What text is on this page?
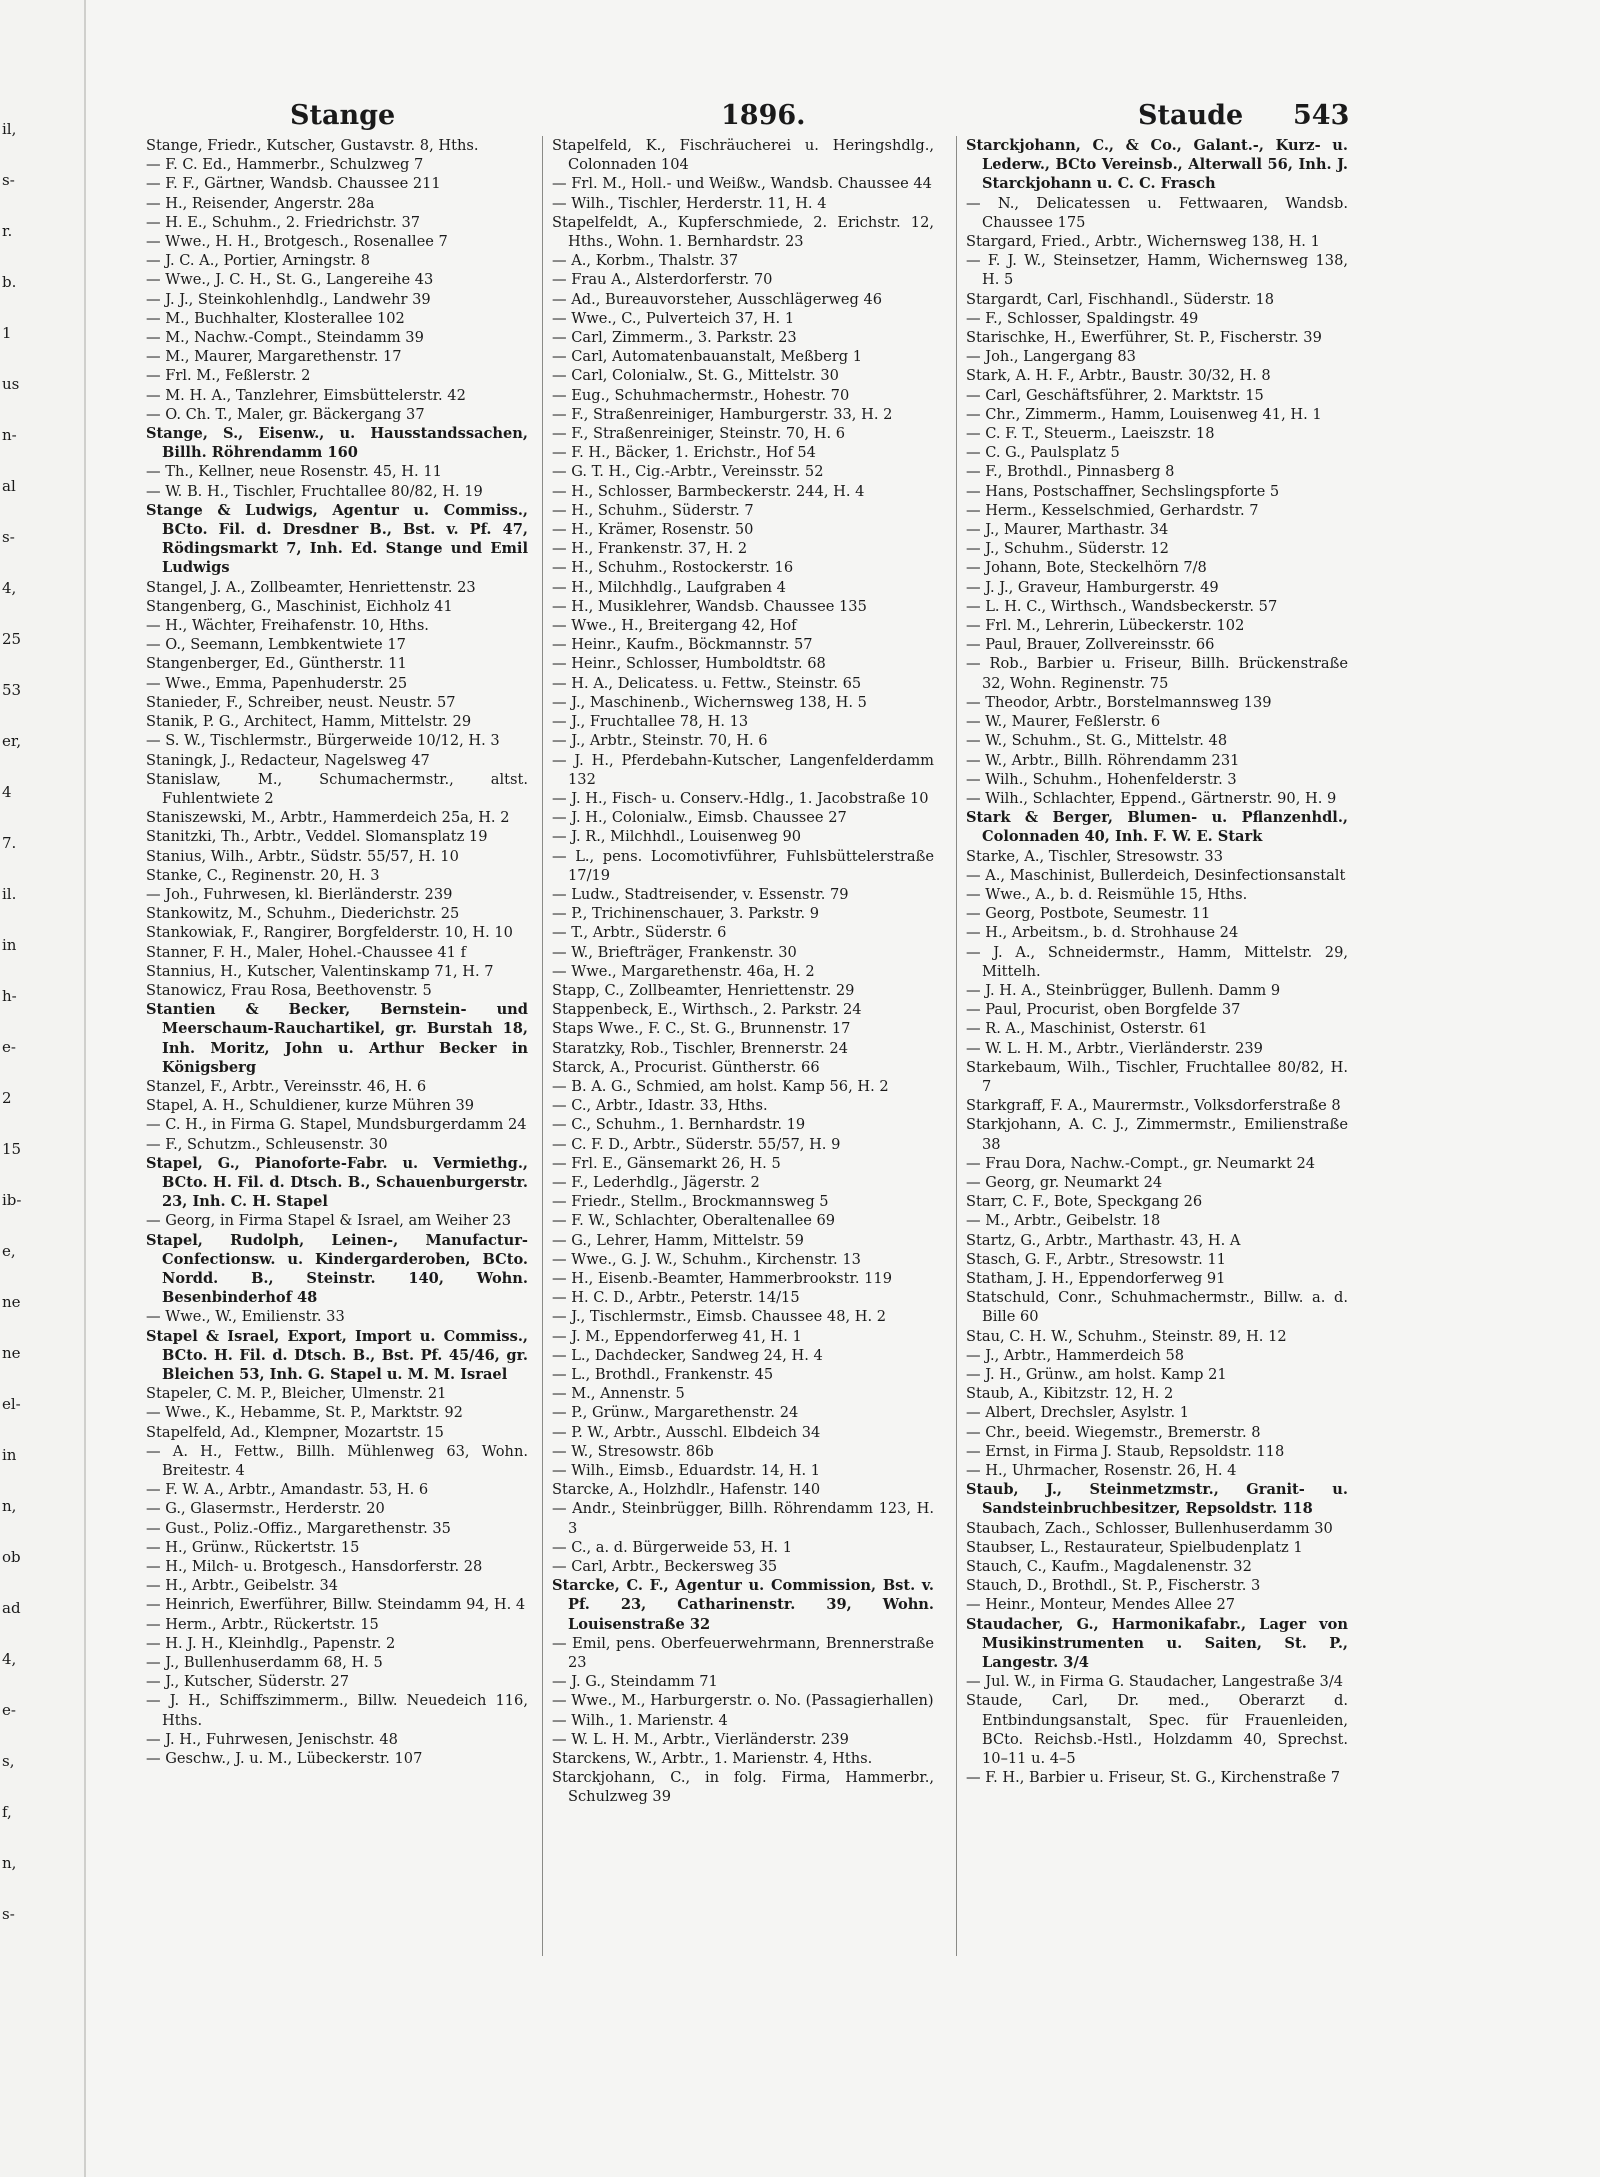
il,
s-
r.
b.
1
us
n-
al
s-
4,
25
53
er,
4
7.
il.
in
h-
e-
2
15
ib-
e,
ne
ne
el-
in
n,
ob
ad
4,
e-
s,
f,
n,
s-
Stange	1896.	Staude 543

Stange, Friedr., Kutscher, Gustavstr. 8, Hths.

— F. C. Ed., Hammerbr., Schulzweg 7

— F. F., Gärtner, Wandsb. Chaussee 211

— H., Reisender, Angerstr. 28a

— H. E., Schuhm., 2. Friedrichstr. 37

— Wwe., H. H., Brotgesch., Rosenallee 7

— J. C. A., Portier, Arningstr. 8

— Wwe., J. C. H., St. G., Langereihe 43

— J. J., Steinkohlenhdlg., Landwehr 39

— M., Buchhalter, Klosterallee 102

— M., Nachw.-Compt., Steindamm 39

— M., Maurer, Margarethenstr. 17

— Frl. M., Feßlerstr. 2

— M. H. A., Tanzlehrer, Eimsbüttelerstr. 42

— O. Ch. T., Maler, gr. Bäckergang 37

Stange, S., Eisenw., u. Hausstandssachen, Billh. Röhrendamm 160

— Th., Kellner, neue Rosenstr. 45, H. 11

— W. B. H., Tischler, Fruchtallee 80/82, H. 19

Stange & Ludwigs, Agentur u. Commiss., BCto. Fil. d. Dresdner B., Bst. v. Pf. 47, Rödingsmarkt 7, Inh. Ed. Stange und Emil Ludwigs

Stangel, J. A., Zollbeamter, Henriettenstr. 23

Stangenberg, G., Maschinist, Eichholz 41

— H., Wächter, Freihafenstr. 10, Hths.

— O., Seemann, Lembkentwiete 17

Stangenberger, Ed., Güntherstr. 11

— Wwe., Emma, Papenhuderstr. 25

Stanieder, F., Schreiber, neust. Neustr. 57

Stanik, P. G., Architect, Hamm, Mittelstr. 29

— S. W., Tischlermstr., Bürgerweide 10/12, H. 3

Staningk, J., Redacteur, Nagelsweg 47

Stanislaw, M., Schumachermstr., altst. Fuhlentwiete 2

Staniszewski, M., Arbtr., Hammerdeich 25a, H. 2

Stanitzki, Th., Arbtr., Veddel. Slomansplatz 19

Stanius, Wilh., Arbtr., Südstr. 55/57, H. 10

Stanke, C., Reginenstr. 20, H. 3

— Joh., Fuhrwesen, kl. Bierländerstr. 239

Stankowitz, M., Schuhm., Diederichstr. 25

Stankowiak, F., Rangirer, Borgfelderstr. 10, H. 10

Stanner, F. H., Maler, Hohel.-Chaussee 41 f

Stannius, H., Kutscher, Valentinskamp 71, H. 7

Stanowicz, Frau Rosa, Beethovenstr. 5

Stantien & Becker, Bernstein- und Meerschaum-Rauchartikel, gr. Burstah 18, Inh. Moritz, John u. Arthur Becker in Königsberg

Stanzel, F., Arbtr., Vereinsstr. 46, H. 6

Stapel, A. H., Schuldiener, kurze Mühren 39

— C. H., in Firma G. Stapel, Mundsburgerdamm 24

— F., Schutzm., Schleusenstr. 30

Stapel, G., Pianoforte-Fabr. u. Vermiethg., BCto. H. Fil. d. Dtsch. B., Schauenburgerstr. 23, Inh. C. H. Stapel

— Georg, in Firma Stapel & Israel, am Weiher 23

Stapel, Rudolph, Leinen-, Manufactur-Confectionsw. u. Kindergarderoben, BCto. Nordd. B., Steinstr. 140, Wohn. Besenbinderhof 48

— Wwe., W., Emilienstr. 33

Stapel & Israel, Export, Import u. Commiss., BCto. H. Fil. d. Dtsch. B., Bst. Pf. 45/46, gr. Bleichen 53, Inh. G. Stapel u. M. M. Israel

Stapeler, C. M. P., Bleicher, Ulmenstr. 21

— Wwe., K., Hebamme, St. P., Marktstr. 92

Stapelfeld, Ad., Klempner, Mozartstr. 15

— A. H., Fettw., Billh. Mühlenweg 63, Wohn. Breitestr. 4

— F. W. A., Arbtr., Amandastr. 53, H. 6

— G., Glasermstr., Herderstr. 20

— Gust., Poliz.-Offiz., Margarethenstr. 35

— H., Grünw., Rückertstr. 15

— H., Milch- u. Brotgesch., Hansdorferstr. 28

— H., Arbtr., Geibelstr. 34

— Heinrich, Ewerführer, Billw. Steindamm 94, H. 4

— Herm., Arbtr., Rückertstr. 15

— H. J. H., Kleinhdlg., Papenstr. 2

— J., Bullenhuserdamm 68, H. 5

— J., Kutscher, Süderstr. 27

— J. H., Schiffszimmerm., Billw. Neuedeich 116, Hths.

— J. H., Fuhrwesen, Jenischstr. 48

— Geschw., J. u. M., Lübeckerstr. 107

Stapelfeld, K., Fischräucherei u. Heringshdlg., Colonnaden 104

— Frl. M., Holl.- und Weißw., Wandsb. Chaussee 44

— Wilh., Tischler, Herderstr. 11, H. 4

Stapelfeldt, A., Kupferschmiede, 2. Erichstr. 12, Hths., Wohn. 1. Bernhardstr. 23

— A., Korbm., Thalstr. 37

— Frau A., Alsterdorferstr. 70

— Ad., Bureauvorsteher, Ausschlägerweg 46

— Wwe., C., Pulverteich 37, H. 1

— Carl, Zimmerm., 3. Parkstr. 23

— Carl, Automatenbauanstalt, Meßberg 1

— Carl, Colonialw., St. G., Mittelstr. 30

— Eug., Schuhmachermstr., Hohestr. 70

— F., Straßenreiniger, Hamburgerstr. 33, H. 2

— F., Straßenreiniger, Steinstr. 70, H. 6

— F. H., Bäcker, 1. Erichstr., Hof 54

— G. T. H., Cig.-Arbtr., Vereinsstr. 52

— H., Schlosser, Barmbeckerstr. 244, H. 4

— H., Schuhm., Süderstr. 7

— H., Krämer, Rosenstr. 50

— H., Frankenstr. 37, H. 2

— H., Schuhm., Rostockerstr. 16

— H., Milchhdlg., Laufgraben 4

— H., Musiklehrer, Wandsb. Chaussee 135

— Wwe., H., Breitergang 42, Hof

— Heinr., Kaufm., Böckmannstr. 57

— Heinr., Schlosser, Humboldtstr. 68

— H. A., Delicatess. u. Fettw., Steinstr. 65

— J., Maschinenb., Wichernsweg 138, H. 5

— J., Fruchtallee 78, H. 13

— J., Arbtr., Steinstr. 70, H. 6

— J. H., Pferdebahn-Kutscher, Langenfelderdamm 132

— J. H., Fisch- u. Conserv.-Hdlg., 1. Jacobstraße 10

— J. H., Colonialw., Eimsb. Chaussee 27

— J. R., Milchhdl., Louisenweg 90

— L., pens. Locomotivführer, Fuhlsbüttelerstraße 17/19

— Ludw., Stadtreisender, v. Essenstr. 79

— P., Trichinenschauer, 3. Parkstr. 9

— T., Arbtr., Süderstr. 6

— W., Briefträger, Frankenstr. 30

— Wwe., Margarethenstr. 46a, H. 2

Stapp, C., Zollbeamter, Henriettenstr. 29

Stappenbeck, E., Wirthsch., 2. Parkstr. 24

Staps Wwe., F. C., St. G., Brunnenstr. 17

Staratzky, Rob., Tischler, Brennerstr. 24

Starck, A., Procurist. Güntherstr. 66

— B. A. G., Schmied, am holst. Kamp 56, H. 2

— C., Arbtr., Idastr. 33, Hths.

— C., Schuhm., 1. Bernhardstr. 19

— C. F. D., Arbtr., Süderstr. 55/57, H. 9

— Frl. E., Gänsemarkt 26, H. 5

— F., Lederhdlg., Jägerstr. 2

— Friedr., Stellm., Brockmannsweg 5

— F. W., Schlachter, Oberaltenallee 69

— G., Lehrer, Hamm, Mittelstr. 59

— Wwe., G. J. W., Schuhm., Kirchenstr. 13

— H., Eisenb.-Beamter, Hammerbrookstr. 119

— H. C. D., Arbtr., Peterstr. 14/15

— J., Tischlermstr., Eimsb. Chaussee 48, H. 2

— J. M., Eppendorferweg 41, H. 1

— L., Dachdecker, Sandweg 24, H. 4

— L., Brothdl., Frankenstr. 45

— M., Annenstr. 5

— P., Grünw., Margarethenstr. 24

— P. W., Arbtr., Ausschl. Elbdeich 34

— W., Stresowstr. 86b

— Wilh., Eimsb., Eduardstr. 14, H. 1

Starcke, A., Holzhdlr., Hafenstr. 140

— Andr., Steinbrügger, Billh. Röhrendamm 123, H. 3

— C., a. d. Bürgerweide 53, H. 1

— Carl, Arbtr., Beckersweg 35

Starcke, C. F., Agentur u. Commission, Bst. v. Pf. 23, Catharinenstr. 39, Wohn. Louisenstraße 32

— Emil, pens. Oberfeuerwehrmann, Brennerstraße 23

— J. G., Steindamm 71

— Wwe., M., Harburgerstr. o. No. (Passagierhallen)

— Wilh., 1. Marienstr. 4

— W. L. H. M., Arbtr., Vierländerstr. 239

Starckens, W., Arbtr., 1. Marienstr. 4, Hths.

Starckjohann, C., in folg. Firma, Hammerbr., Schulzweg 39

Starckjohann, C., & Co., Galant.-, Kurz- u. Lederw., BCto Vereinsb., Alterwall 56, Inh. J. Starckjohann u. C. C. Frasch

— N., Delicatessen u. Fettwaaren, Wandsb. Chaussee 175

Stargard, Fried., Arbtr., Wichernsweg 138, H. 1

— F. J. W., Steinsetzer, Hamm, Wichernsweg 138, H. 5

Stargardt, Carl, Fischhandl., Süderstr. 18

— F., Schlosser, Spaldingstr. 49

Starischke, H., Ewerführer, St. P., Fischerstr. 39

— Joh., Langergang 83

Stark, A. H. F., Arbtr., Baustr. 30/32, H. 8

— Carl, Geschäftsführer, 2. Marktstr. 15

— Chr., Zimmerm., Hamm, Louisenweg 41, H. 1

— C. F. T., Steuerm., Laeiszstr. 18

— C. G., Paulsplatz 5

— F., Brothdl., Pinnasberg 8

— Hans, Postschaffner, Sechslingspforte 5

— Herm., Kesselschmied, Gerhardstr. 7

— J., Maurer, Marthastr. 34

— J., Schuhm., Süderstr. 12

— Johann, Bote, Steckelhörn 7/8

— J. J., Graveur, Hamburgerstr. 49

— L. H. C., Wirthsch., Wandsbeckerstr. 57

— Frl. M., Lehrerin, Lübeckerstr. 102

— Paul, Brauer, Zollvereinsstr. 66

— Rob., Barbier u. Friseur, Billh. Brückenstraße 32, Wohn. Reginenstr. 75

— Theodor, Arbtr., Borstelmannsweg 139

— W., Maurer, Feßlerstr. 6

— W., Schuhm., St. G., Mittelstr. 48

— W., Arbtr., Billh. Röhrendamm 231

— Wilh., Schuhm., Hohenfelderstr. 3

— Wilh., Schlachter, Eppend., Gärtnerstr. 90, H. 9

Stark & Berger, Blumen- u. Pflanzenhdl., Colonnaden 40, Inh. F. W. E. Stark

Starke, A., Tischler, Stresowstr. 33

— A., Maschinist, Bullerdeich, Desinfectionsanstalt

— Wwe., A., b. d. Reismühle 15, Hths.

— Georg, Postbote, Seumestr. 11

— H., Arbeitsm., b. d. Strohhause 24

— J. A., Schneidermstr., Hamm, Mittelstr. 29, Mittelh.

— J. H. A., Steinbrügger, Bullenh. Damm 9

— Paul, Procurist, oben Borgfelde 37

— R. A., Maschinist, Osterstr. 61

— W. L. H. M., Arbtr., Vierländerstr. 239

Starkebaum, Wilh., Tischler, Fruchtallee 80/82, H. 7

Starkgraff, F. A., Maurermstr., Volksdorferstraße 8

Starkjohann, A. C. J., Zimmermstr., Emilienstraße 38

— Frau Dora, Nachw.-Compt., gr. Neumarkt 24

— Georg, gr. Neumarkt 24

Starr, C. F., Bote, Speckgang 26

— M., Arbtr., Geibelstr. 18

Startz, G., Arbtr., Marthastr. 43, H. A

Stasch, G. F., Arbtr., Stresowstr. 11

Statham, J. H., Eppendorferweg 91

Statschuld, Conr., Schuhmachermstr., Billw. a. d. Bille 60

Stau, C. H. W., Schuhm., Steinstr. 89, H. 12

— J., Arbtr., Hammerdeich 58

— J. H., Grünw., am holst. Kamp 21

Staub, A., Kibitzstr. 12, H. 2

— Albert, Drechsler, Asylstr. 1

— Chr., beeid. Wiegemstr., Bremerstr. 8

— Ernst, in Firma J. Staub, Repsoldstr. 118

— H., Uhrmacher, Rosenstr. 26, H. 4

Staub, J., Steinmetzmstr., Granit- u. Sandsteinbruchbesitzer, Repsoldstr. 118

Staubach, Zach., Schlosser, Bullenhuserdamm 30

Staubser, L., Restaurateur, Spielbudenplatz 1

Stauch, C., Kaufm., Magdalenenstr. 32

Stauch, D., Brothdl., St. P., Fischerstr. 3

— Heinr., Monteur, Mendes Allee 27

Staudacher, G., Harmonikafabr., Lager von Musikinstrumenten u. Saiten, St. P., Langestr. 3/4

— Jul. W., in Firma G. Staudacher, Langestraße 3/4

Staude, Carl, Dr. med., Oberarzt d. Entbindungsanstalt, Spec. für Frauenleiden, BCto. Reichsb.-Hstl., Holzdamm 40, Sprechst. 10–11 u. 4–5

— F. H., Barbier u. Friseur, St. G., Kirchenstraße 7
